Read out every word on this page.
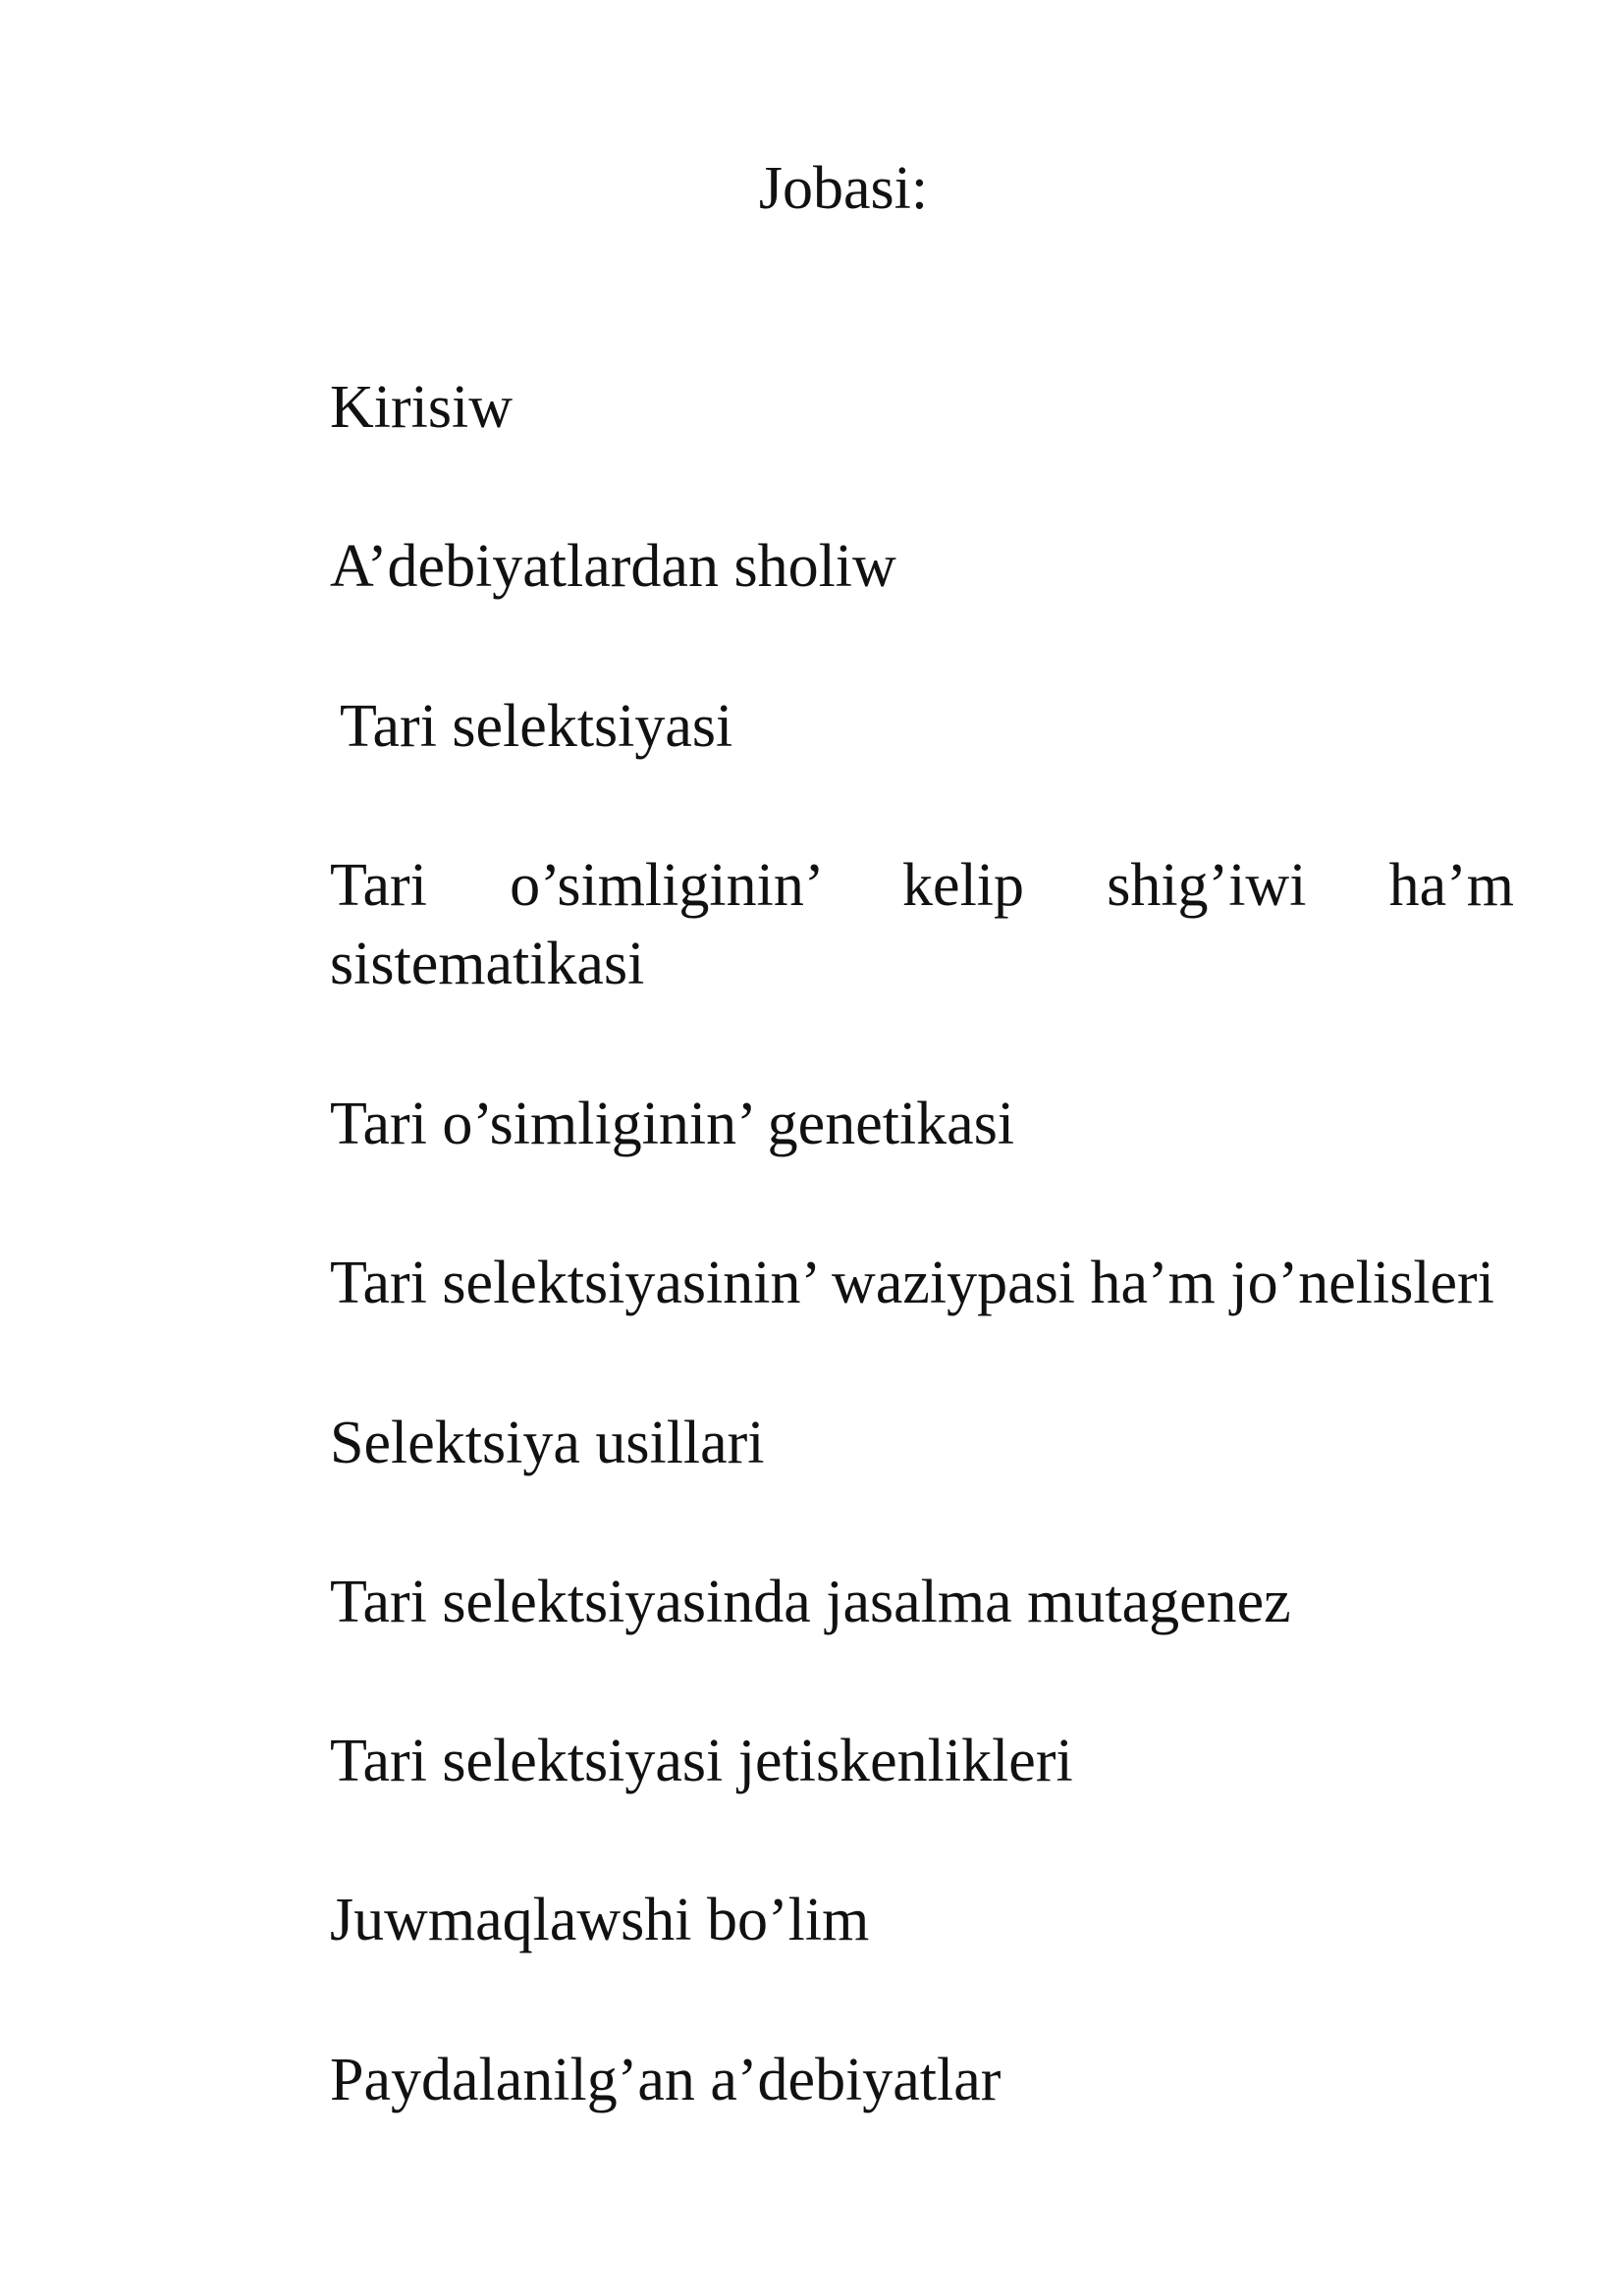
Jobasi:
Kirisiw
A’debiyatlardan sholiw
Tari selektsiyasi
Tari o’simliginin’ kelip shig’iwi ha’m sistematikasi
Tari o’simliginin’ genetikasi
Tari selektsiyasinin’ waziypasi ha’m jo’nelisleri
Selektsiya usillari
Tari selektsiyasinda jasalma mutagenez
Tari selektsiyasi jetiskenlikleri
Juwmaqlawshi bo’lim
Paydalanilg’an a’debiyatlar
